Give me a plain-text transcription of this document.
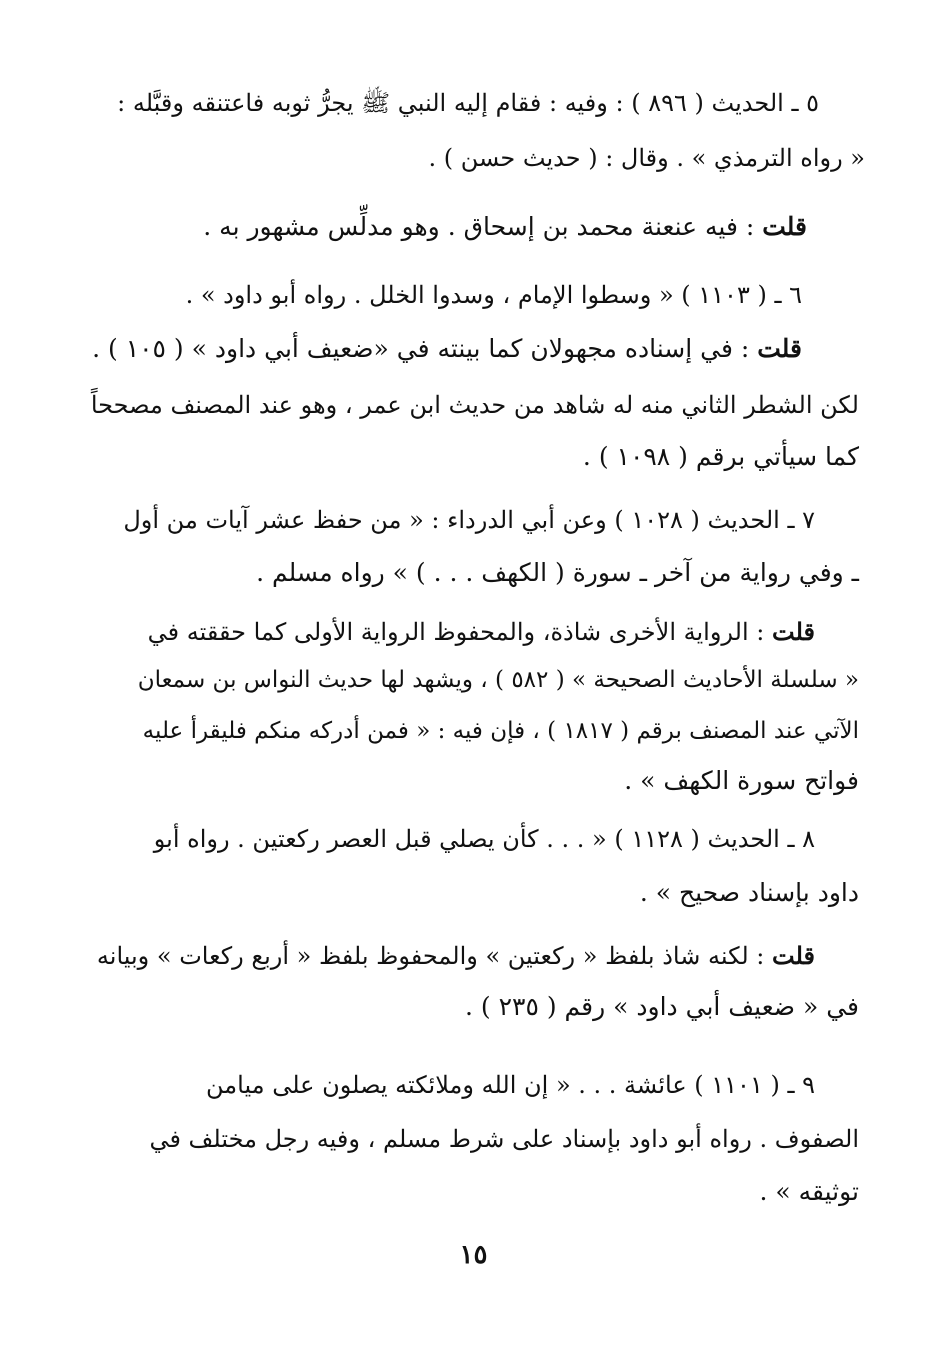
٥ ـ الحديث ( ٨٩٦ ) : وفيه : فقام إليه النبي ﷺ يجرُّ ثوبه فاعتنقه وقبَّله :
« رواه الترمذي » . وقال : ( حديث حسن ) .
قلت : فيه عنعنة محمد بن إسحاق . وهو مدلِّس مشهور به .
٦ ـ ( ١١٠٣ ) « وسطوا الإمام ، وسدوا الخلل . رواه أبو داود » .
قلت : في إسناده مجهولان كما بينته في «ضعيف أبي داود » ( ١٠٥ ) .
لكن الشطر الثاني منه له شاهد من حديث ابن عمر ، وهو عند المصنف مصححاً
كما سيأتي برقم ( ١٠٩٨ ) .
٧ ـ الحديث ( ١٠٢٨ ) وعن أبي الدرداء : « من حفظ عشر آيات من أول
ـ وفي رواية من آخر ـ سورة ( الكهف . . . ) » رواه مسلم .
قلت : الرواية الأخرى شاذة، والمحفوظ الرواية الأولى كما حققته في
« سلسلة الأحاديث الصحيحة » ( ٥٨٢ ) ، ويشهد لها حديث النواس بن سمعان
الآتي عند المصنف برقم ( ١٨١٧ ) ، فإن فيه : « فمن أدركه منكم فليقرأ عليه
فواتح سورة الكهف » .
٨ ـ الحديث ( ١١٢٨ ) « . . . كأن يصلي قبل العصر ركعتين . رواه أبو
داود بإسناد صحيح » .
قلت : لكنه شاذ بلفظ « ركعتين » والمحفوظ بلفظ « أربع ركعات » وبيانه
في « ضعيف أبي داود » رقم ( ٢٣٥ ) .
٩ ـ ( ١١٠١ ) عائشة . . . « إن الله وملائكته يصلون على ميامن
الصفوف . رواه أبو داود بإسناد على شرط مسلم ، وفيه رجل مختلف في
توثيقه » .
١٥
